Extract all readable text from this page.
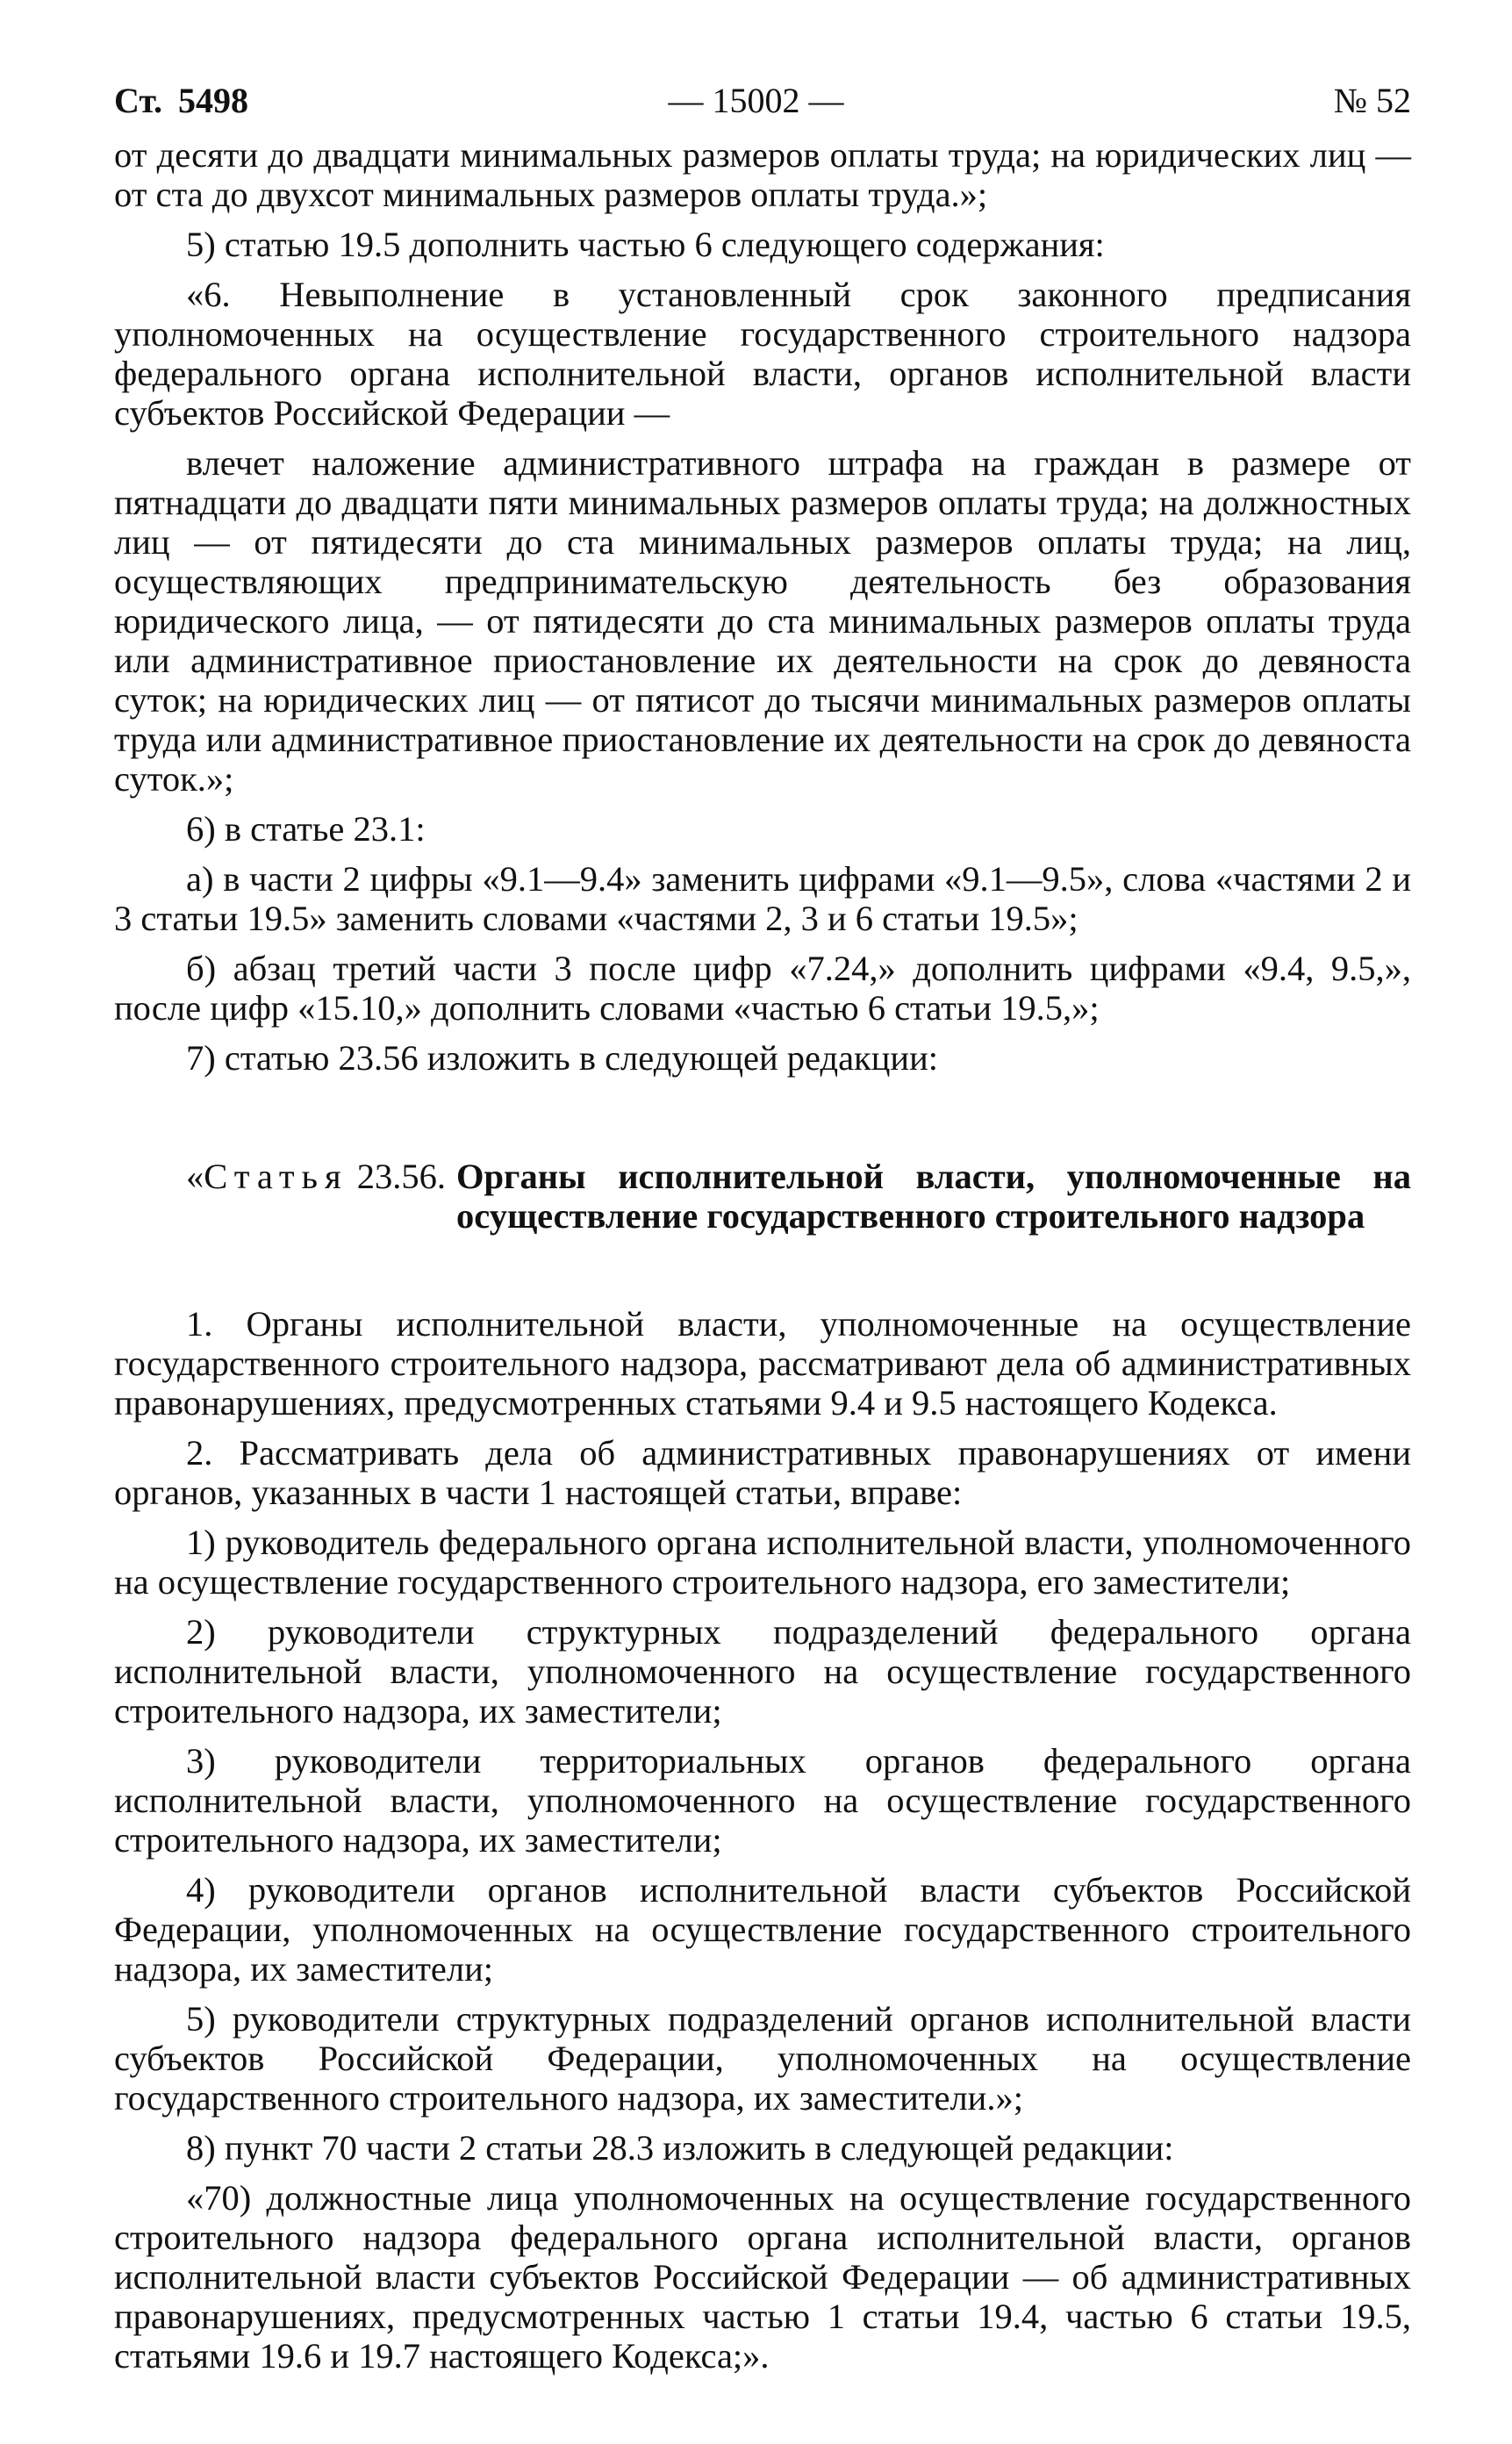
Ст. 5498	— 15002 —	№ 52

от десяти до двадцати минимальных размеров оплаты труда; на юридических лиц — от ста до двухсот минимальных размеров оплаты труда.»;

5) статью 19.5 дополнить частью 6 следующего содержания:

«6. Невыполнение в установленный срок законного предписания уполномоченных на осуществление государственного строительного надзора федерального органа исполнительной власти, органов исполнительной власти субъектов Российской Федерации —

влечет наложение административного штрафа на граждан в размере от пятнадцати до двадцати пяти минимальных размеров оплаты труда; на должностных лиц — от пятидесяти до ста минимальных размеров оплаты труда; на лиц, осуществляющих предпринимательскую деятельность без образования юридического лица, — от пятидесяти до ста минимальных размеров оплаты труда или административное приостановление их деятельности на срок до девяноста суток; на юридических лиц — от пятисот до тысячи минимальных размеров оплаты труда или административное приостановление их деятельности на срок до девяноста суток.»;

6) в статье 23.1:

а) в части 2 цифры «9.1—9.4» заменить цифрами «9.1—9.5», слова «частями 2 и 3 статьи 19.5» заменить словами «частями 2, 3 и 6 статьи 19.5»;

б) абзац третий части 3 после цифр «7.24,» дополнить цифрами «9.4, 9.5,», после цифр «15.10,» дополнить словами «частью 6 статьи 19.5,»;

7) статью 23.56 изложить в следующей редакции:

«Статья 23.56. Органы исполнительной власти, уполномоченные на осуществление государственного строительного надзора

1. Органы исполнительной власти, уполномоченные на осуществление государственного строительного надзора, рассматривают дела об административных правонарушениях, предусмотренных статьями 9.4 и 9.5 настоящего Кодекса.

2. Рассматривать дела об административных правонарушениях от имени органов, указанных в части 1 настоящей статьи, вправе:

1) руководитель федерального органа исполнительной власти, уполномоченного на осуществление государственного строительного надзора, его заместители;

2) руководители структурных подразделений федерального органа исполнительной власти, уполномоченного на осуществление государственного строительного надзора, их заместители;

3) руководители территориальных органов федерального органа исполнительной власти, уполномоченного на осуществление государственного строительного надзора, их заместители;

4) руководители органов исполнительной власти субъектов Российской Федерации, уполномоченных на осуществление государственного строительного надзора, их заместители;

5) руководители структурных подразделений органов исполнительной власти субъектов Российской Федерации, уполномоченных на осуществление государственного строительного надзора, их заместители.»;

8) пункт 70 части 2 статьи 28.3 изложить в следующей редакции:

«70) должностные лица уполномоченных на осуществление государственного строительного надзора федерального органа исполнительной власти, органов исполнительной власти субъектов Российской Федерации — об административных правонарушениях, предусмотренных частью 1 статьи 19.4, частью 6 статьи 19.5, статьями 19.6 и 19.7 настоящего Кодекса;».
